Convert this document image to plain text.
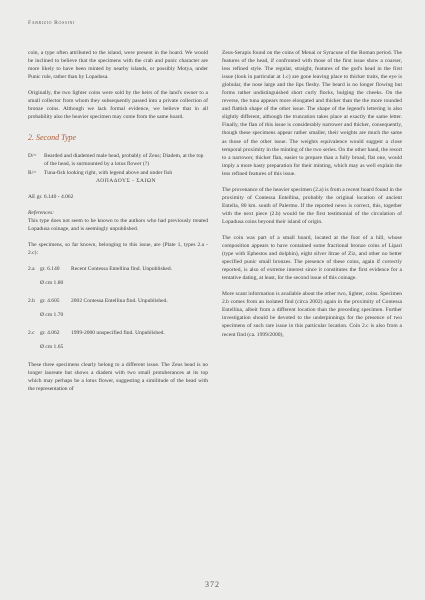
Fabrizio Rossini

coin, a type often attributed to the island, were present in the hoard. We would be inclined to believe that the specimens with the crab and punic character are more likely to have been minted by nearby islands, or possibly Motya, under Punic rule, rather than by Lopadusa.

Originally, the two lighter coins were sold by the heirs of the land's owner to a small collector from whom they subsequently passed into a private collection of bronze coins. Although we lack formal evidence, we believe that in all probability also the heavier specimen may come from the same hoard.

2. Second Type
D/=	Bearded and diademed male head, probably of Zeus; Diadem, at the top of the head, is surmounted by a lotus flower (?)
R/=	Tuna-fish looking right, with legend above and under fish
ΛΟΠΑΔΟΥΣ - ΣΑΙΩΝ

AE gr. 6.140 - 4.062

References:

This type does not seem to be known to the authors who had previously treated Lopadusa coinage, and is seemingly unpublished.

The specimens, so far known, belonging to this issue, are (Plate 1, types 2.a - 2.c):

2.a gr. 6.140	Recent Contessa Entellina find. Unpublished.
Ø cm 1.80
2.b gr. 4.605	2002 Contessa Entellina find. Unpublished.
Ø cm 1.70
2.c gr. 4.062	1999-2000 unspecified find. Unpublished.
Ø cm 1.65

These three specimens clearly belong to a different issue. The Zeus head is no longer laureate but shows a diadem with two small protuberances at its top which may perhaps be a lotus flower, suggesting a similitude of the head with the representation of

Zeus-Serapis found on the coins of Menai or Syracuse of the Roman period. The features of the head, if confronted with those of the first issue show a coarser, less refined style. The regular, straight, features of the god's head in the first issue (look in particular at 1.c) are gone leaving place to thicker traits, the eye is globular, the nose large and the lips fleshy. The beard is no longer flowing but forms rather undistinguished short curly flocks, bulging the cheeks. On the reverse, the tuna appears more elongated and thicker than the the more rounded and flattish shape of the other issue. The shape of the legend's lettering is also slightly different, although the truncation takes place at exactly the same letter. Finally, the flan of this issue is considerably narrower and thicker, consequently, though these specimens appear rather smaller, their weights are much the same as those of the other issue. The weights equivalence would suggest a close temporal proximity in the minting of the two series. On the other hand, the resort to a narrower, thicker flan, easier to prepare than a fully broad, flat one, would imply a more hasty preparation for their minting, which may as well explain the less refined features of this issue.

The provenance of the heavier specimen (2.a) is from a recent hoard found in the proximity of Contessa Entellina, probably the original location of ancient Entella, 80 km. south of Palermo. If the reported news is correct, this, together with the next piece (2.b) would be the first testimonial of the circulation of Lopadusa coins beyond their island of origin.

The coin was part of a small hoard, located at the foot of a hill, whose composition appears to have contained some fractional bronze coins of Lipari (type with Ephestos and dolphin), eight silver litrae of Ziz, and other no better specified punic small bronzes. The presence of these coins, again if correctly reported, is also of extreme interest since it constitutes the first evidence for a tentative dating, at least, for the second issue of this coinage.

More scant information is available about the other two, lighter, coins. Specimen 2.b comes from an isolated find (circa 2002) again in the proximity of Contessa Entellina, albeit from a different location than the preceding specimen. Further investigation should be devoted to the underpinnings for the presence of two specimens of such rare issue in this particular location. Coin 2.c is also from a recent find (ca. 1999/2000),

372
